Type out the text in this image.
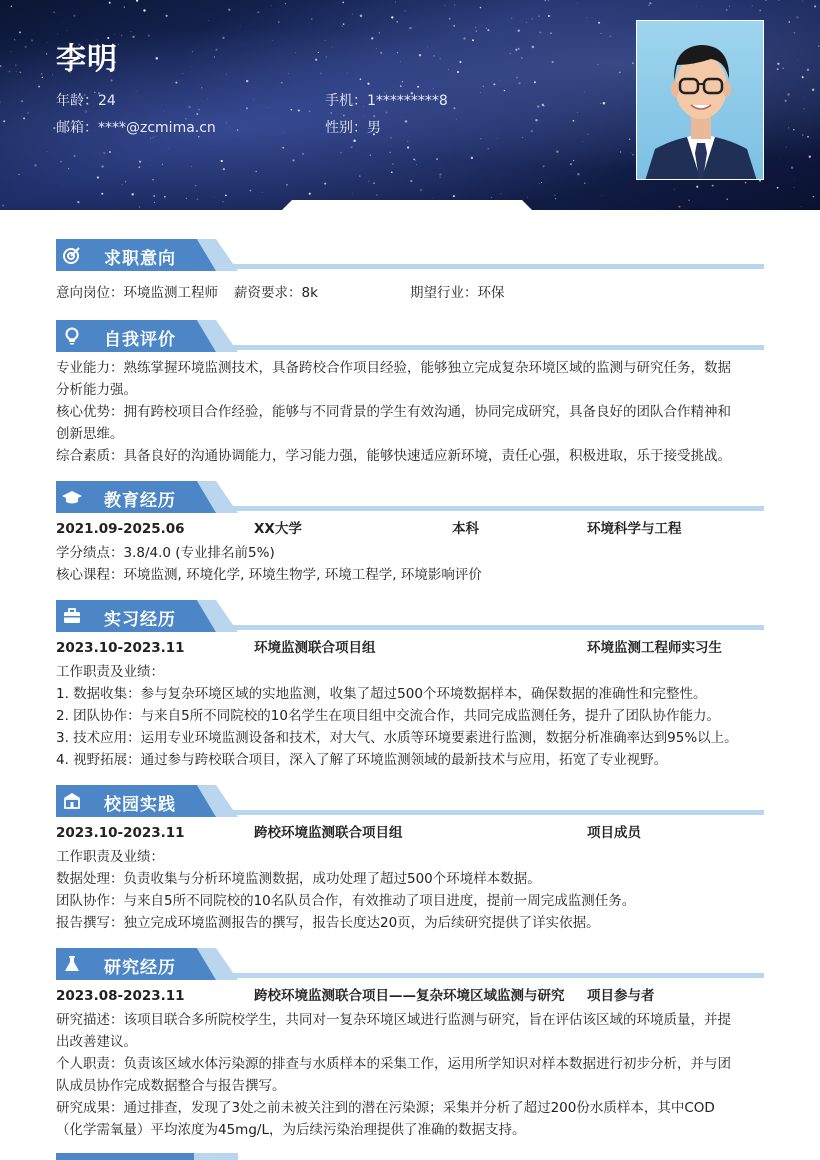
李明
年龄：24	手机：1*********8
邮箱：****@zcmima.cn	性别：男
求职意向
意向岗位：环境监测工程师 薪资要求：8k	期望行业：环保
自我评价
专业能力：熟练掌握环境监测技术，具备跨校合作项目经验，能够独立完成复杂环境区域的监测与研究任务，数据
分析能力强。
核心优势：拥有跨校项目合作经验，能够与不同背景的学生有效沟通，协同完成研究，具备良好的团队合作精神和
创新思维。
综合素质：具备良好的沟通协调能力，学习能力强，能够快速适应新环境，责任心强，积极进取，乐于接受挑战。
教育经历
2021.09-2025.06	XX大学	本科	环境科学与工程
学分绩点：3.8/4.0 (专业排名前5%)
核心课程：环境监测, 环境化学, 环境生物学, 环境工程学, 环境影响评价
实习经历
2023.10-2023.11	环境监测联合项目组	环境监测工程师实习生
工作职责及业绩：
1. 数据收集：参与复杂环境区域的实地监测，收集了超过500个环境数据样本，确保数据的准确性和完整性。
2. 团队协作：与来自5所不同院校的10名学生在项目组中交流合作，共同完成监测任务，提升了团队协作能力。
3. 技术应用：运用专业环境监测设备和技术，对大气、水质等环境要素进行监测，数据分析准确率达到95%以上。
4. 视野拓展：通过参与跨校联合项目，深入了解了环境监测领域的最新技术与应用，拓宽了专业视野。
校园实践
2023.10-2023.11	跨校环境监测联合项目组	项目成员
工作职责及业绩：
数据处理：负责收集与分析环境监测数据，成功处理了超过500个环境样本数据。
团队协作：与来自5所不同院校的10名队员合作，有效推动了项目进度，提前一周完成监测任务。
报告撰写：独立完成环境监测报告的撰写，报告长度达20页，为后续研究提供了详实依据。
研究经历
2023.08-2023.11	跨校环境监测联合项目——复杂环境区域监测与研究 项目参与者
研究描述：该项目联合多所院校学生，共同对一复杂环境区域进行监测与研究，旨在评估该区域的环境质量，并提
出改善建议。
个人职责：负责该区域水体污染源的排查与水质样本的采集工作，运用所学知识对样本数据进行初步分析，并与团
队成员协作完成数据整合与报告撰写。
研究成果：通过排查，发现了3处之前未被关注到的潜在污染源；采集并分析了超过200份水质样本，其中COD
（化学需氧量）平均浓度为45mg/L，为后续污染治理提供了准确的数据支持。
